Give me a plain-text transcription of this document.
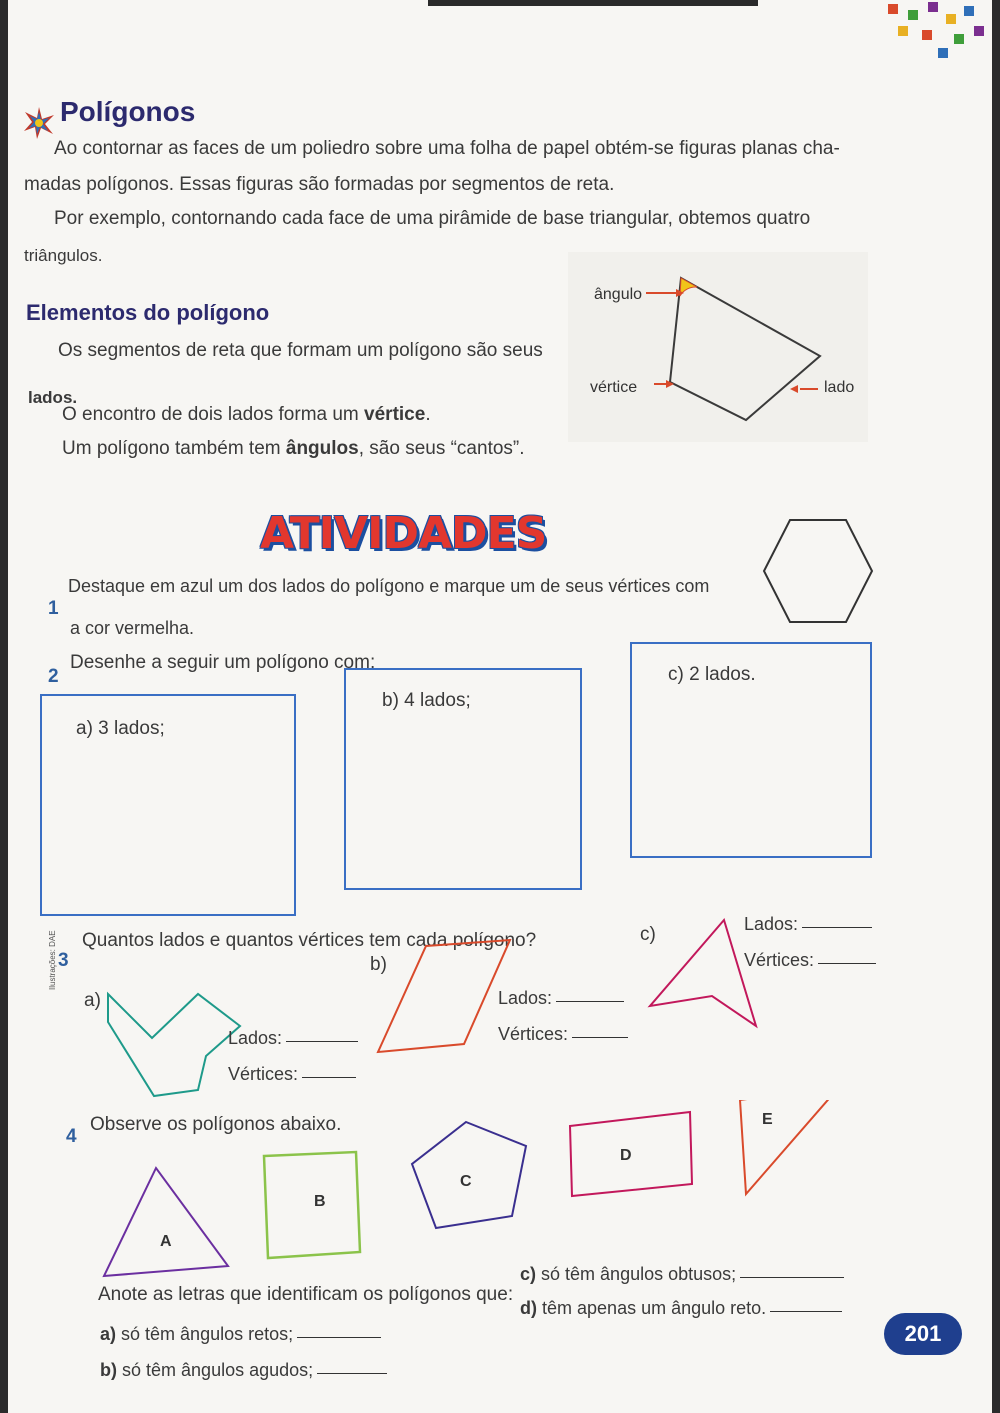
Polígonos
Ao contornar as faces de um poliedro sobre uma folha de papel obtém-se figuras planas cha-
madas polígonos. Essas figuras são formadas por segmentos de reta.
Por exemplo, contornando cada face de uma pirâmide de base triangular, obtemos quatro
triângulos.
Elementos do polígono
Os segmentos de reta que formam um polígono são seus
lados.
O encontro de dois lados forma um vértice.
Um polígono também tem ângulos, são seus “cantos”.
ângulo
vértice	lado
ATIVIDADES
1
Destaque em azul um dos lados do polígono e marque um de seus vértices com
a cor vermelha.
2
Desenhe a seguir um polígono com:
a) 3 lados;
b) 4 lados;
c) 2 lados.
3
Quantos lados e quantos vértices tem cada polígono?
Ilustrações: DAE
a)
Lados:
Vértices:
b)
Lados:
Vértices:
c)	Lados:
Vértices:
4
Observe os polígonos abaixo.
A
B
C
D
E
Anote as letras que identificam os polígonos que:
a) só têm ângulos retos;
b) só têm ângulos agudos;
c) só têm ângulos obtusos;
d) têm apenas um ângulo reto.
201
